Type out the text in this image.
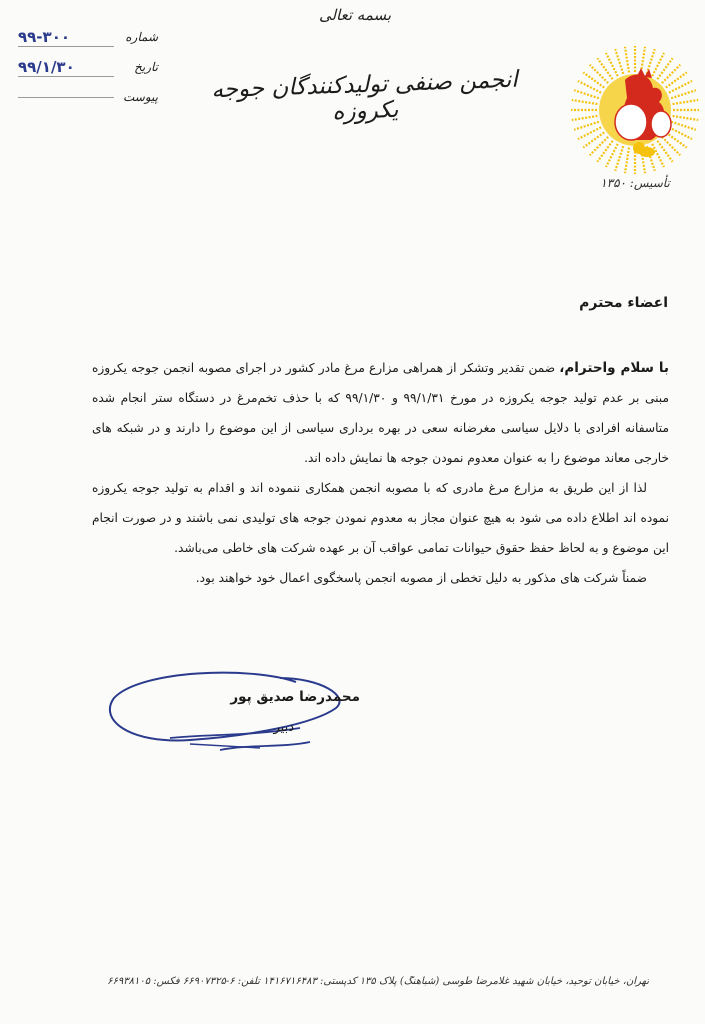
شماره
۹۹-۳۰۰
تاریخ
۹۹/۱/۳۰
پیوست
بسمه تعالی
انجمن صنفی تولیدکنندگان جوجه یکروزه
تأسیس: ۱۳۵۰
اعضاء محترم

با سلام واحترام، ضمن تقدیر وتشکر از همراهی مزارع مرغ مادر کشور در اجرای مصوبه انجمن جوجه یکروزه مبنی بر عدم تولید جوجه یکروزه در مورخ ۹۹/۱/۳۱ و ۹۹/۱/۳۰ که با حذف تخم‌مرغ در دستگاه ستر انجام شده متاسفانه افرادی با دلایل سیاسی مغرضانه سعی در بهره برداری سیاسی از این موضوع را دارند و در شبکه های خارجی معاند موضوع را به عنوان معدوم نمودن جوجه ها نمایش داده اند.

لذا از این طریق به مزارع مرغ مادری که با مصوبه انجمن همکاری ننموده اند و اقدام به تولید جوجه یکروزه نموده اند اطلاع داده می شود به هیچ عنوان مجاز به معدوم نمودن جوجه های تولیدی نمی باشند و در صورت انجام این موضوع و به لحاظ حفظ حقوق حیوانات تمامی عواقب آن بر عهده شرکت های خاطی می‌باشد.

ضمناً شرکت های مذکور به دلیل تخطی از مصوبه انجمن پاسخگوی اعمال خود خواهند بود.

محمدرضا صدیق پور
دبیر
تهران، خیابان توحید، خیابان شهید غلامرضا طوسی (شباهنگ) پلاک ۱۳۵ کدپستی: ۱۴۱۶۷۱۶۴۸۳ تلفن: ۶-۶۶۹۰۷۳۲۵ فکس: ۶۶۹۳۸۱۰۵
